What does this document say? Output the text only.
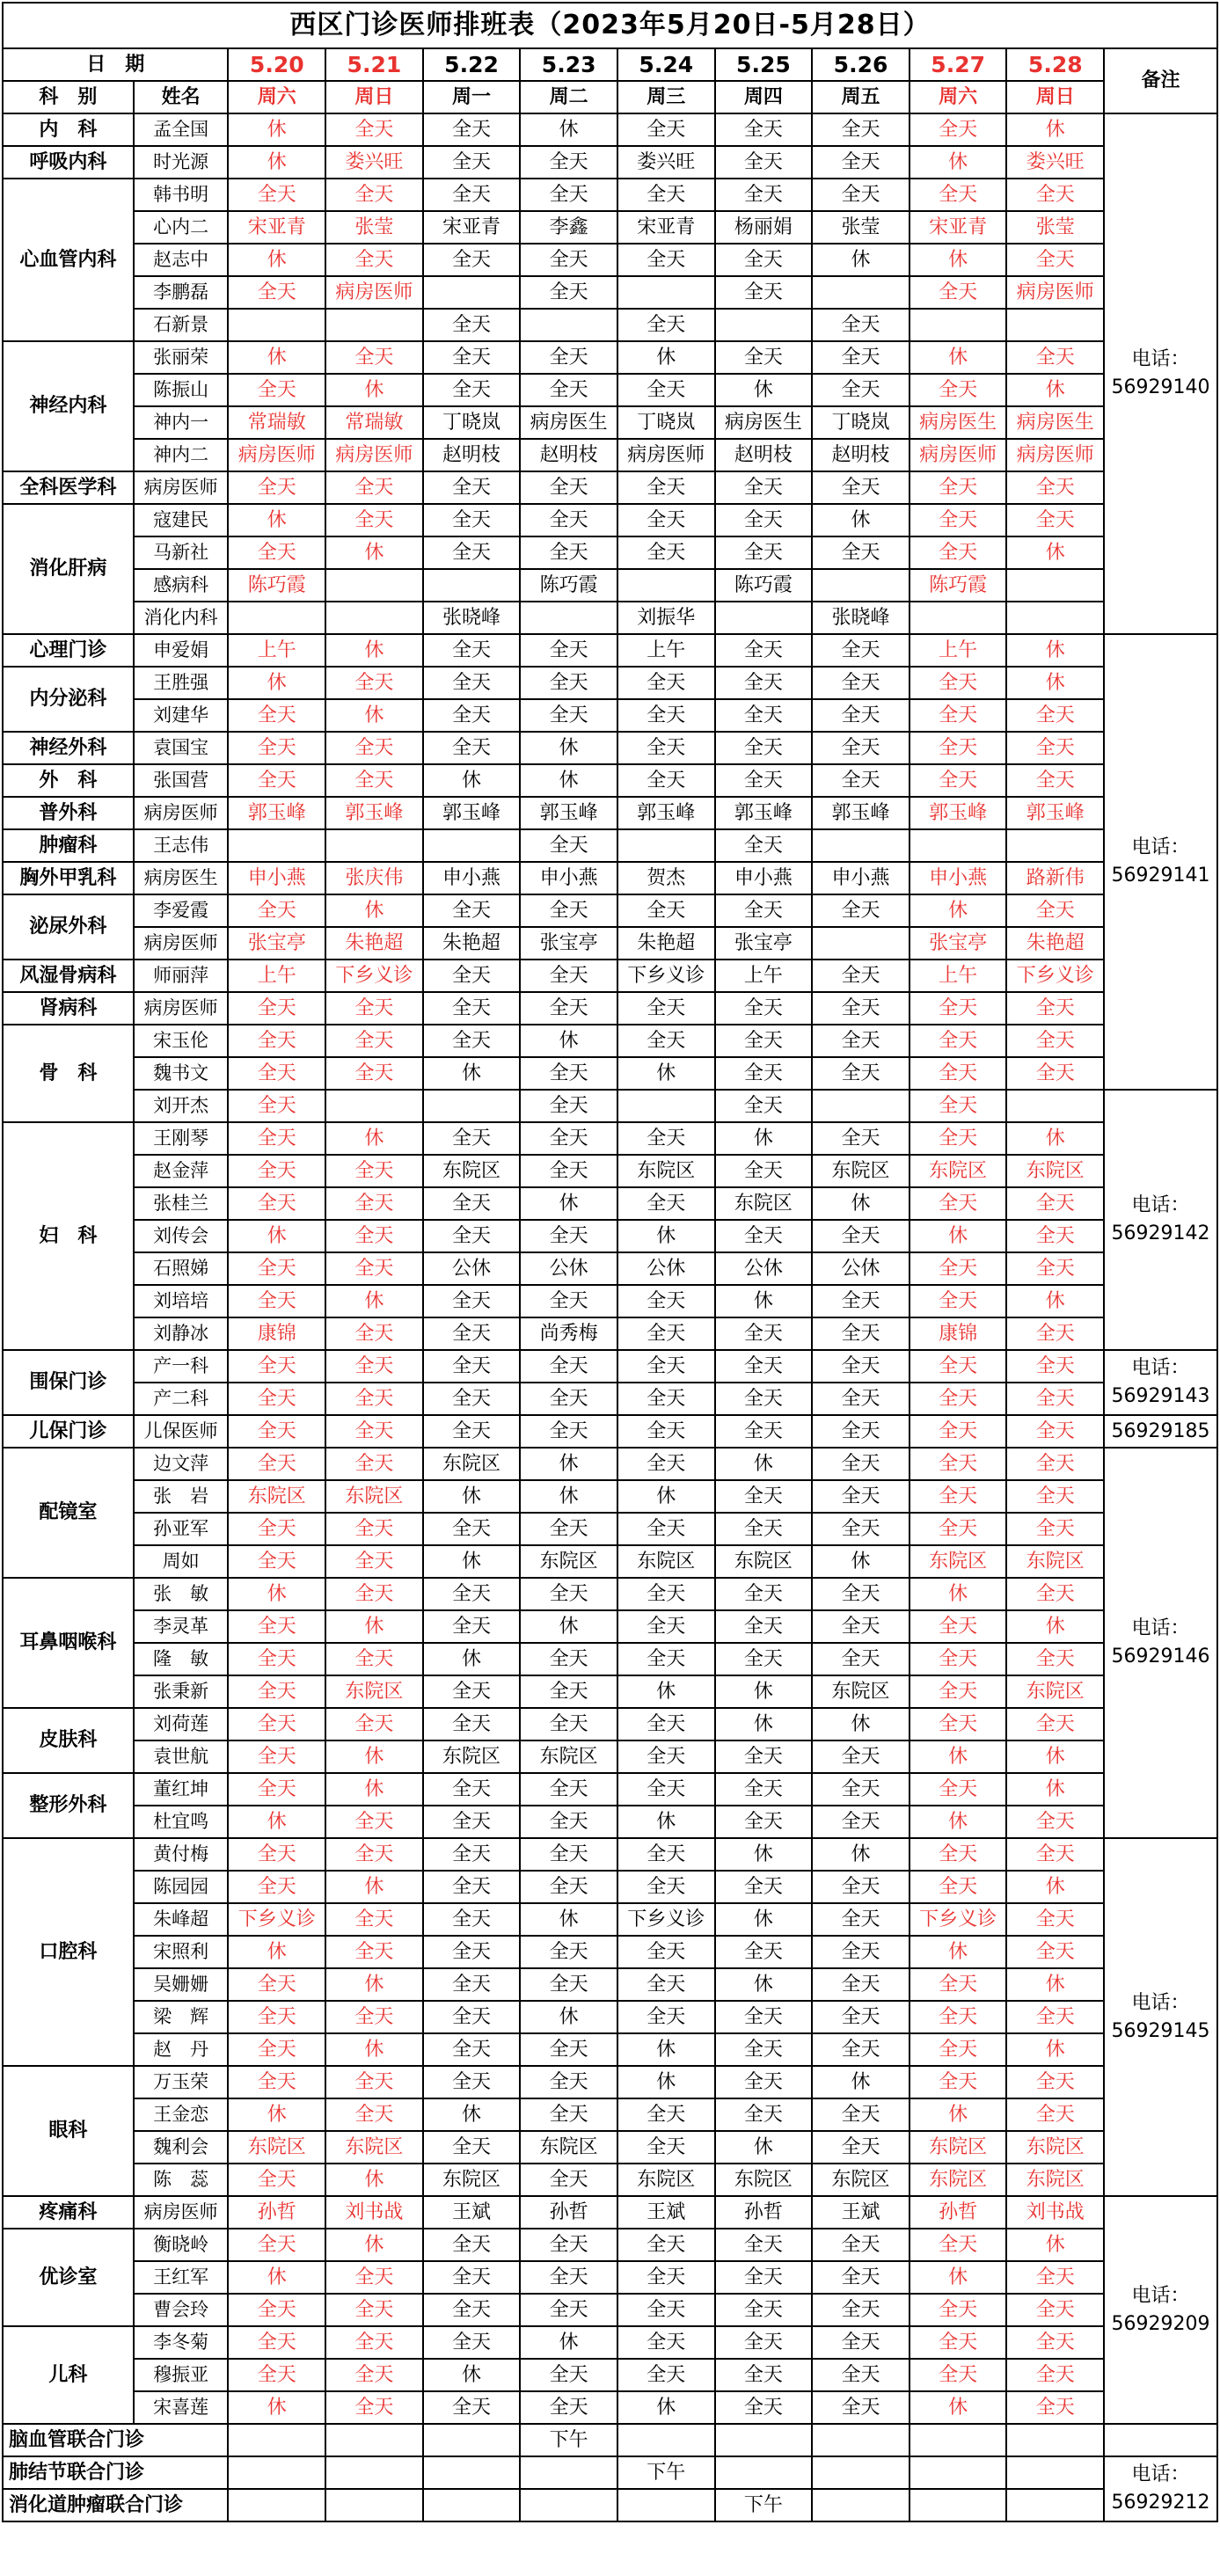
西区门诊医师排班表（2023年5月20日-5月28日）											
日　期		5.20	5.21	5.22	5.23	5.24	5.25	5.26	5.27	5.28	备注
科　别	姓名	周六	周日	周一	周二	周三	周四	周五	周六	周日	
内　科	孟全国	休	全天	全天	休	全天	全天	全天	全天	休	电话：
56929140

呼吸内科	时光源	休	娄兴旺	全天	全天	娄兴旺	全天	全天	休	娄兴旺	
心血管内科	韩书明	全天	全天	全天	全天	全天	全天	全天	全天	全天	
	心内二	宋亚青	张莹	宋亚青	李鑫	宋亚青	杨丽娟	张莹	宋亚青	张莹	
	赵志中	休	全天	全天	全天	全天	全天	休	休	全天	
	李鹏磊	全天	病房医师		全天		全天		全天	病房医师	
	石新景			全天		全天		全天			
神经内科	张丽荣	休	全天	全天	全天	休	全天	全天	休	全天	
	陈振山	全天	休	全天	全天	全天	休	全天	全天	休	
	神内一	常瑞敏	常瑞敏	丁晓岚	病房医生	丁晓岚	病房医生	丁晓岚	病房医生	病房医生	
	神内二	病房医师	病房医师	赵明枝	赵明枝	病房医师	赵明枝	赵明枝	病房医师	病房医师	
全科医学科	病房医师	全天	全天	全天	全天	全天	全天	全天	全天	全天	
消化肝病	寇建民	休	全天	全天	全天	全天	全天	休	全天	全天	
	马新社	全天	休	全天	全天	全天	全天	全天	全天	休	
	感病科	陈巧霞			陈巧霞		陈巧霞		陈巧霞		
	消化内科			张晓峰		刘振华		张晓峰			
心理门诊	申爱娟	上午	休	全天	全天	上午	全天	全天	上午	休	电话：
56929141

内分泌科	王胜强	休	全天	全天	全天	全天	全天	全天	全天	休	
	刘建华	全天	休	全天	全天	全天	全天	全天	全天	全天	
神经外科	袁国宝	全天	全天	全天	休	全天	全天	全天	全天	全天	
外　科	张国营	全天	全天	休	休	全天	全天	全天	全天	全天	
普外科	病房医师	郭玉峰	郭玉峰	郭玉峰	郭玉峰	郭玉峰	郭玉峰	郭玉峰	郭玉峰	郭玉峰	
肿瘤科	王志伟				全天		全天				
胸外甲乳科	病房医生	申小燕	张庆伟	申小燕	申小燕	贺杰	申小燕	申小燕	申小燕	路新伟	
泌尿外科	李爱霞	全天	休	全天	全天	全天	全天	全天	休	全天	
	病房医师	张宝亭	朱艳超	朱艳超	张宝亭	朱艳超	张宝亭		张宝亭	朱艳超	
风湿骨病科	师丽萍	上午	下乡义诊	全天	全天	下乡义诊	上午	全天	上午	下乡义诊	
肾病科	病房医师	全天	全天	全天	全天	全天	全天	全天	全天	全天	
骨　科	宋玉伦	全天	全天	全天	休	全天	全天	全天	全天	全天	
	魏书文	全天	全天	休	全天	休	全天	全天	全天	全天	
	刘开杰	全天			全天		全天		全天		电话：
56929142

妇　科	王刚琴	全天	休	全天	全天	全天	休	全天	全天	休	
	赵金萍	全天	全天	东院区	全天	东院区	全天	东院区	东院区	东院区	
	张桂兰	全天	全天	全天	休	全天	东院区	休	全天	全天	
	刘传会	休	全天	全天	全天	休	全天	全天	休	全天	
	石照娣	全天	全天	公休	公休	公休	公休	公休	全天	全天	
	刘培培	全天	休	全天	全天	全天	休	全天	全天	休	
	刘静冰	康锦	全天	全天	尚秀梅	全天	全天	全天	康锦	全天	
围保门诊	产一科	全天	全天	全天	全天	全天	全天	全天	全天	全天	电话：
56929143

	产二科	全天	全天	全天	全天	全天	全天	全天	全天	全天	
儿保门诊	儿保医师	全天	全天	全天	全天	全天	全天	全天	全天	全天	56929185

配镜室	边文萍	全天	全天	东院区	休	全天	休	全天	全天	全天	电话：
56929146

	张　岩	东院区	东院区	休	休	休	全天	全天	全天	全天	
	孙亚军	全天	全天	全天	全天	全天	全天	全天	全天	全天	
	周如	全天	全天	休	东院区	东院区	东院区	休	东院区	东院区	
耳鼻咽喉科	张　敏	休	全天	全天	全天	全天	全天	全天	休	全天	
	李灵革	全天	休	全天	休	全天	全天	全天	全天	休	
	隆　敏	全天	全天	休	全天	全天	全天	全天	全天	全天	
	张秉新	全天	东院区	全天	全天	休	休	东院区	全天	东院区	
皮肤科	刘荷莲	全天	全天	全天	全天	全天	休	休	全天	全天	
	袁世航	全天	休	东院区	东院区	全天	全天	全天	休	休	
整形外科	董红坤	全天	休	全天	全天	全天	全天	全天	全天	休	
	杜宜鸣	休	全天	全天	全天	休	全天	全天	休	全天	
口腔科	黄付梅	全天	全天	全天	全天	全天	休	休	全天	全天	电话：
56929145

	陈园园	全天	休	全天	全天	全天	全天	全天	全天	休	
	朱峰超	下乡义诊	全天	全天	休	下乡义诊	休	全天	下乡义诊	全天	
	宋照利	休	全天	全天	全天	全天	全天	全天	休	全天	
	吴姗姗	全天	休	全天	全天	全天	休	全天	全天	休	
	梁　辉	全天	全天	全天	休	全天	全天	全天	全天	全天	
	赵　丹	全天	休	全天	全天	休	全天	全天	全天	休	
眼科	万玉荣	全天	全天	全天	全天	休	全天	休	全天	全天	
	王金恋	休	全天	休	全天	全天	全天	全天	休	全天	
	魏利会	东院区	东院区	全天	东院区	全天	休	全天	东院区	东院区	
	陈　蕊	全天	休	东院区	全天	东院区	东院区	东院区	东院区	东院区	
疼痛科	病房医师	孙哲	刘书战	王斌	孙哲	王斌	孙哲	王斌	孙哲	刘书战	电话：
56929209

优诊室	衡晓岭	全天	休	全天	全天	全天	全天	全天	全天	休	
	王红军	休	全天	全天	全天	全天	全天	全天	休	全天	
	曹会玲	全天	全天	全天	全天	全天	全天	全天	全天	全天	
儿科	李冬菊	全天	全天	全天	休	全天	全天	全天	全天	全天	
	穆振亚	全天	全天	休	全天	全天	全天	全天	全天	全天	
	宋喜莲	休	全天	全天	全天	休	全天	全天	休	全天	
脑血管联合门诊					下午						
肺结节联合门诊						下午					电话：
56929212

消化道肿瘤联合门诊							下午				
